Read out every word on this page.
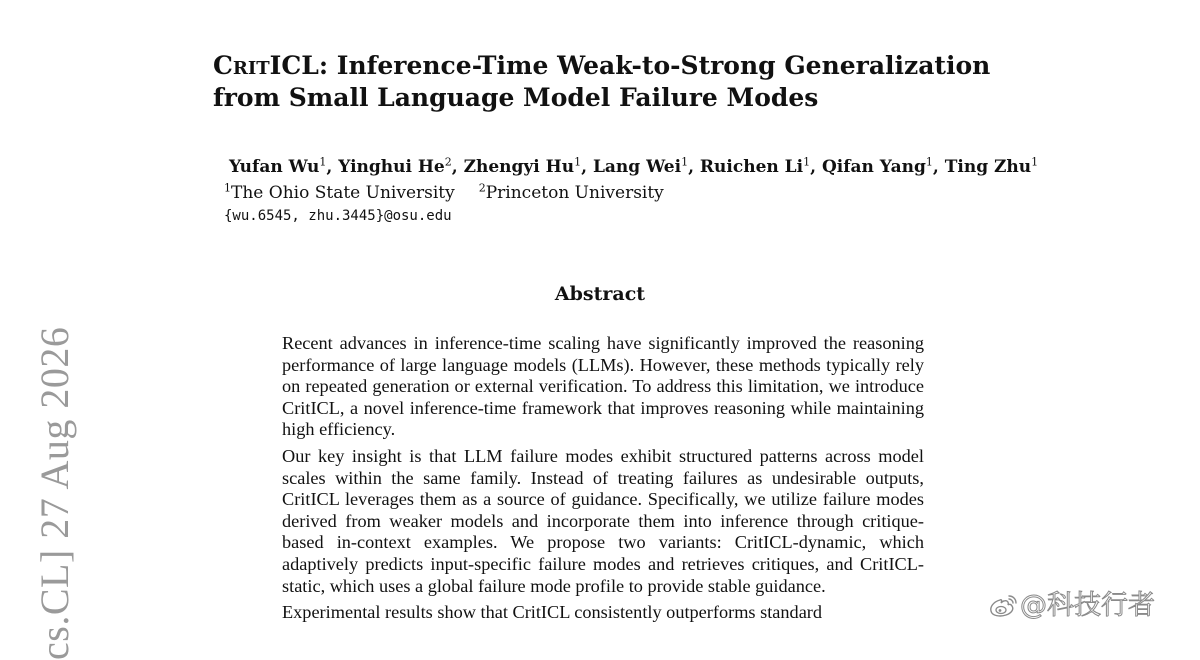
CritICL: Inference-Time Weak-to-Strong Generalization
from Small Language Model Failure Modes
Yufan Wu$^1$, Yinghui He$^2$, Zhengyi Hu$^1$, Lang Wei$^1$, Ruichen Li$^1$, Qifan Yang$^1$, Ting Zhu$^1$
$^1$The Ohio State University $^2$Princeton University
{wu.6545, zhu.3445}@osu.edu
Abstract

Recent advances in inference-time scaling have significantly improved the reasoning performance of large language models (LLMs). However, these methods typically rely on repeated generation or external verification. To address this limitation, we introduce CritICL, a novel inference-time framework that improves reasoning while maintaining high efficiency.

Our key insight is that LLM failure modes exhibit structured patterns across model scales within the same family. Instead of treating failures as undesirable outputs, CritICL leverages them as a source of guidance. Specifically, we utilize failure modes derived from weaker models and incorporate them into inference through critique-based in-context examples. We propose two variants: CritICL-dynamic, which adaptively predicts input-specific failure modes and retrieves critiques, and CritICL-static, which uses a global failure mode profile to provide stable guidance.

Experimental results show that CritICL consistently outperforms standard

cs.CL] 27 Aug 2026	@科技行者
